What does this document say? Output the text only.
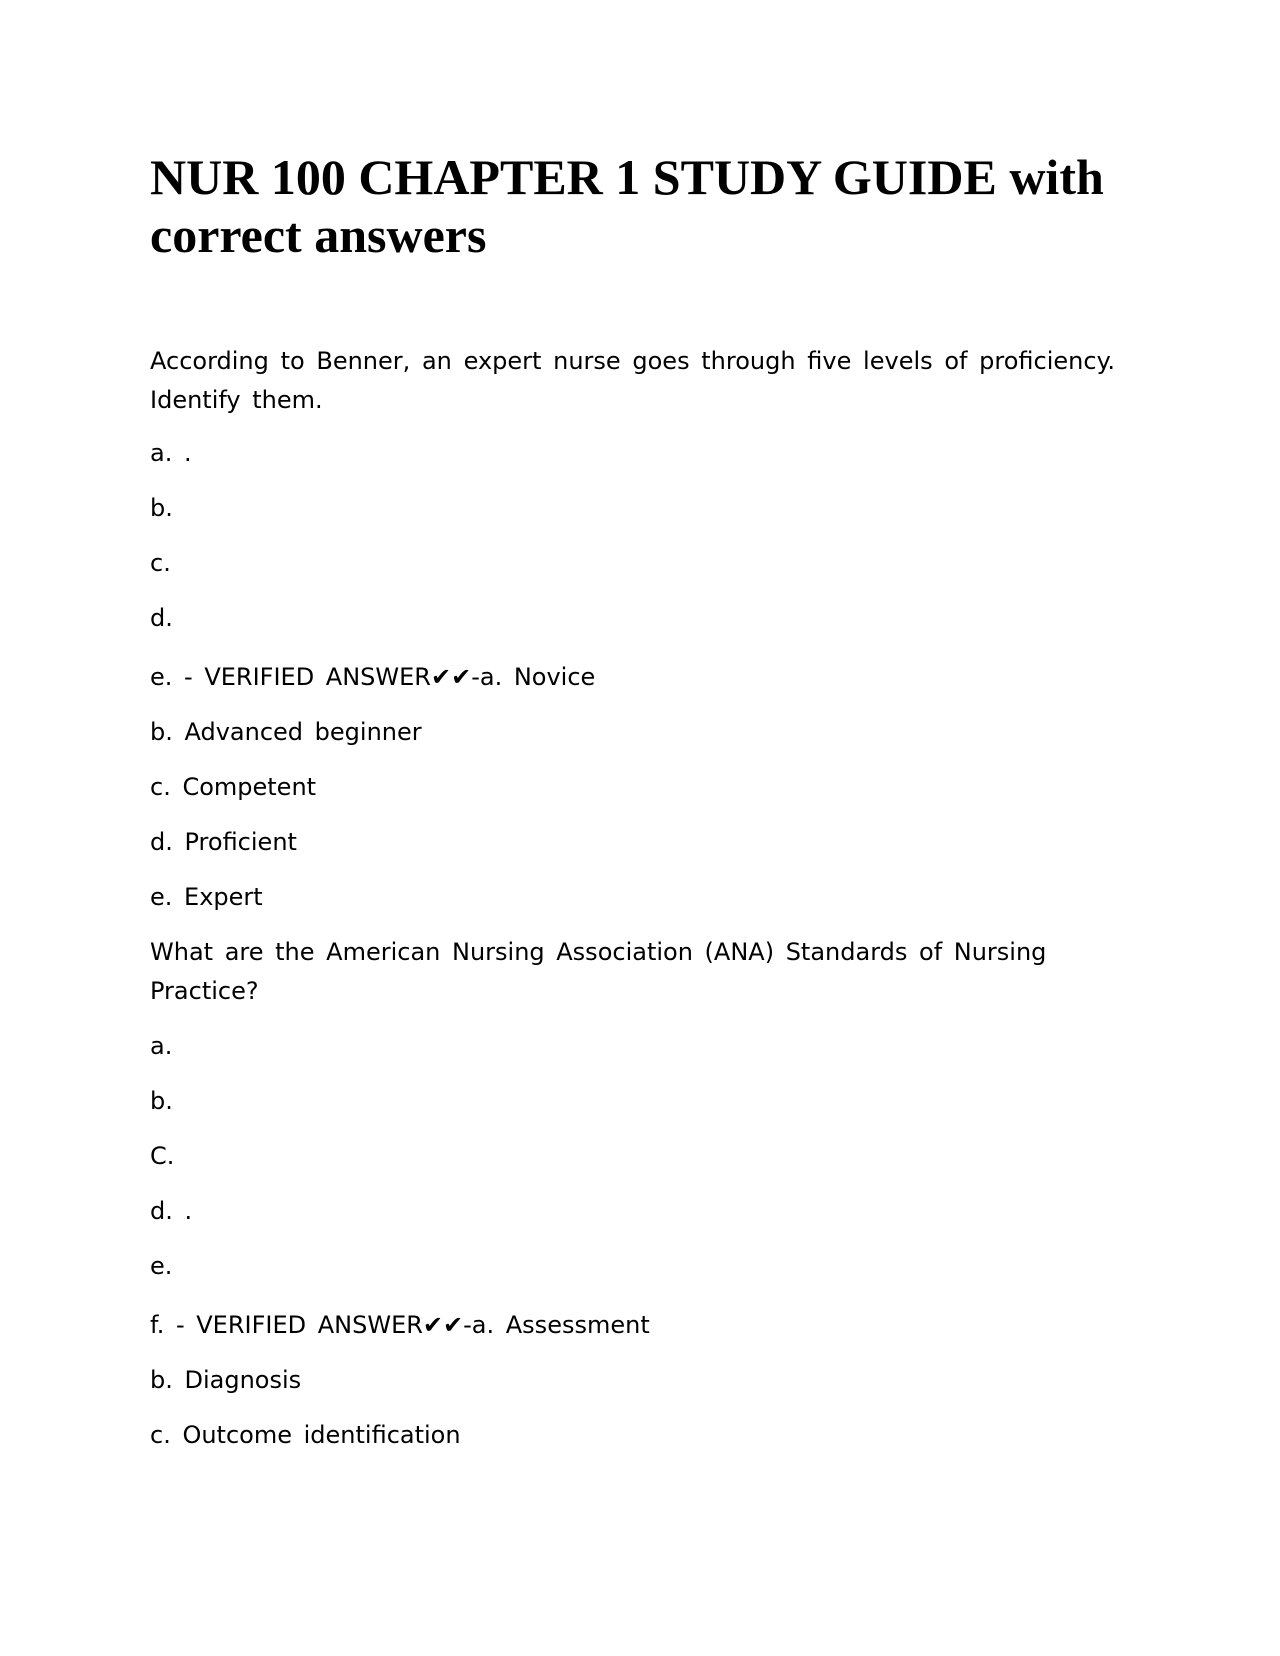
NUR 100 CHAPTER 1 STUDY GUIDE with correct answers

According to Benner, an expert nurse goes through five levels of proficiency. Identify them.

a. .

b.

c.

d.

e. - VERIFIED ANSWER✔✔-a. Novice

b. Advanced beginner

c. Competent

d. Proficient

e. Expert

What are the American Nursing Association (ANA) Standards of Nursing Practice?

a.

b.

C.

d. .

e.

f. - VERIFIED ANSWER✔✔-a. Assessment

b. Diagnosis

c. Outcome identification
